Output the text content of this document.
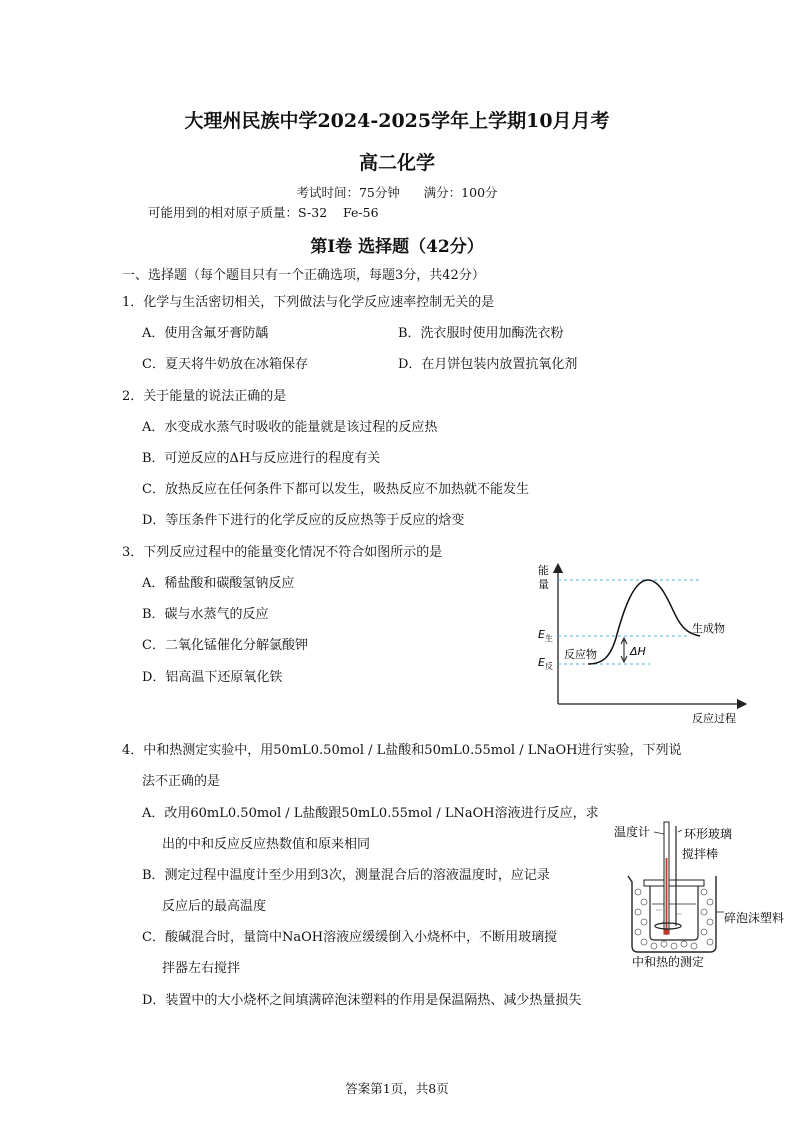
大理州民族中学2024-2025学年上学期10月月考
高二化学
考试时间：75分钟      满分：100分
可能用到的相对原子质量：S-32    Fe-56
第Ⅰ卷 选择题（42分）
一、选择题（每个题目只有一个正确选项，每题3分，共42分）
1．化学与生活密切相关，下列做法与化学反应速率控制无关的是
A．使用含氟牙膏防龋	B．洗衣服时使用加酶洗衣粉
C．夏天将牛奶放在冰箱保存	D．在月饼包装内放置抗氧化剂
2．关于能量的说法正确的是
A．水变成水蒸气时吸收的能量就是该过程的反应热
B．可逆反应的ΔH与反应进行的程度有关
C．放热反应在任何条件下都可以发生，吸热反应不加热就不能发生
D．等压条件下进行的化学反应的反应热等于反应的焓变
3．下列反应过程中的能量变化情况不符合如图所示的是
A．稀盐酸和碳酸氢钠反应
B．碳与水蒸气的反应
C．二氧化锰催化分解氯酸钾
D．铝高温下还原氧化铁
能
量
$E_生$
$E_反$
反应物
生成物
ΔH
反应过程
4．中和热测定实验中，用50mL0.50mol / L盐酸和50mL0.55mol / LNaOH进行实验，下列说
法不正确的是
A．改用60mL0.50mol / L盐酸跟50mL0.55mol / LNaOH溶液进行反应，求
出的中和反应反应热数值和原来相同
B．测定过程中温度计至少用到3次，测量混合后的溶液温度时，应记录
反应后的最高温度
C．酸碱混合时，量筒中NaOH溶液应缓缓倒入小烧杯中，不断用玻璃搅
拌器左右搅拌
D．装置中的大小烧杯之间填满碎泡沫塑料的作用是保温隔热、减少热量损失
温度计	环形玻璃
搅拌棒
碎泡沫塑料
中和热的测定
答案第1页，共8页
